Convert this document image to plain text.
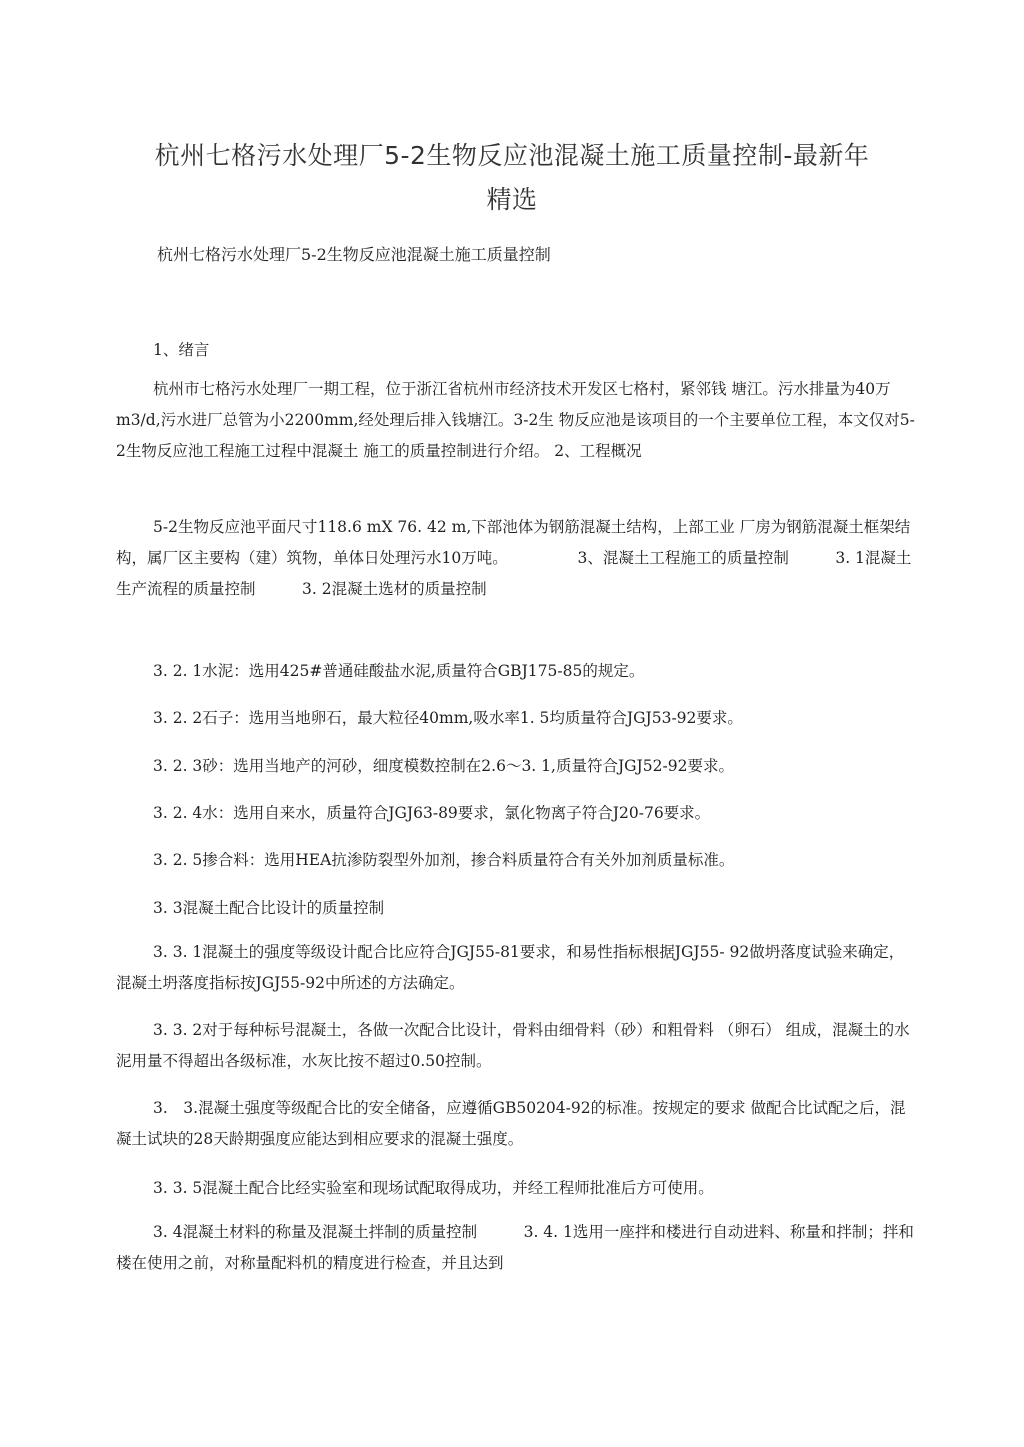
杭州七格污水处理厂5-2生物反应池混凝土施工质量控制-最新年
精选
杭州七格污水处理厂5-2生物反应池混凝土施工质量控制
1、绪言

杭州市七格污水处理厂一期工程，位于浙江省杭州市经济技术开发区七格村，紧邻钱 塘江。污水排量为40万m3/d,污水进厂总管为小2200mm,经处理后排入钱塘江。3-2生 物反应池是该项目的一个主要单位工程，本文仅对5-2生物反应池工程施工过程中混凝土 施工的质量控制进行介绍。 2、工程概况

5-2生物反应池平面尺寸118.6 mX 76. 42 m,下部池体为钢筋混凝土结构，上部工业 厂房为钢筋混凝土框架结构，属厂区主要构（建）筑物，单体日处理污水10万吨。　　　　　3、混凝土工程施工的质量控制　　　3. 1混凝土生产流程的质量控制　　　3. 2混凝土选材的质量控制

3. 2. 1水泥：选用425#普通硅酸盐水泥,质量符合GBJ175-85的规定。
3. 2. 2石子：选用当地卵石，最大粒径40mm,吸水率1. 5均质量符合JGJ53-92要求。
3. 2. 3砂：选用当地产的河砂，细度模数控制在2.6〜3. 1,质量符合JGJ52-92要求。
3. 2. 4水：选用自来水，质量符合JGJ63-89要求，氯化物离子符合J20-76要求。
3. 2. 5掺合料：选用HEA抗渗防裂型外加剂，掺合料质量符合有关外加剂质量标准。
3. 3混凝土配合比设计的质量控制

3. 3. 1混凝土的强度等级设计配合比应符合JGJ55-81要求，和易性指标根据JGJ55- 92做坍落度试验来确定，混凝土坍落度指标按JGJ55-92中所述的方法确定。

3. 3. 2对于每种标号混凝土，各做一次配合比设计，骨料由细骨料（砂）和粗骨料 （卵石） 组成，混凝土的水泥用量不得超出各级标准，水灰比按不超过0.50控制。

3.　3.混凝土强度等级配合比的安全储备，应遵循GB50204-92的标准。按规定的要求 做配合比试配之后，混凝土试块的28天龄期强度应能达到相应要求的混凝土强度。

3. 3. 5混凝土配合比经实验室和现场试配取得成功，并经工程师批准后方可使用。

3. 4混凝土材料的称量及混凝土拌制的质量控制　　　3. 4. 1选用一座拌和楼进行自动进料、称量和拌制；拌和楼在使用之前，对称量配料机的精度进行检查，并且达到
